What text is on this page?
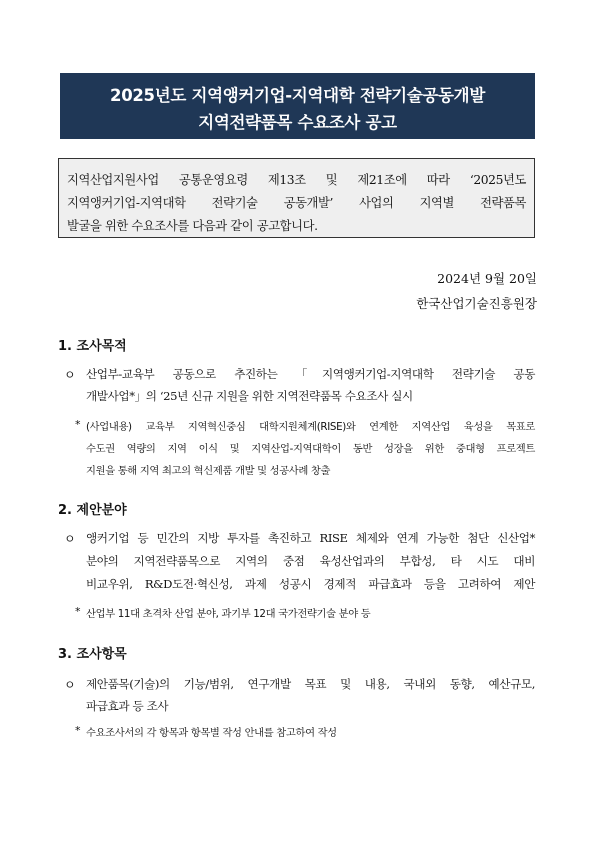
2025년도 지역앵커기업-지역대학 전략기술공동개발
지역전략품목 수요조사 공고
지역산업지원사업 공통운영요령 제13조 및 제21조에 따라 ‘2025년도
지역앵커기업-지역대학 전략기술 공동개발’ 사업의 지역별 전략품목
발굴을 위한 수요조사를 다음과 같이 공고합니다.
2024년 9월 20일
한국산업기술진흥원장
1. 조사목적
ㅇ 산업부-교육부 공동으로 추진하는 「지역앵커기업-지역대학 전략기술 공동
개발사업*」의 ‘25년 신규 지원을 위한 지역전략품목 수요조사 실시
* (사업내용) 교육부 지역혁신중심 대학지원체계(RISE)와 연계한 지역산업 육성을 목표로
수도권 역량의 지역 이식 및 지역산업-지역대학이 동반 성장을 위한 중대형 프로젝트
지원을 통해 지역 최고의 혁신제품 개발 및 성공사례 창출
2. 제안분야
ㅇ 앵커기업 등 민간의 지방 투자를 촉진하고 RISE 체제와 연계 가능한 첨단 신산업*
분야의 지역전략품목으로 지역의 중점 육성산업과의 부합성, 타 시도 대비
비교우위, R&D도전·혁신성, 과제 성공시 경제적 파급효과 등을 고려하여 제안
* 산업부 11대 초격차 산업 분야, 과기부 12대 국가전략기술 분야 등
3. 조사항목
ㅇ 제안품목(기술)의 기능/범위, 연구개발 목표 및 내용, 국내외 동향, 예산규모,
파급효과 등 조사
* 수요조사서의 각 항목과 항목별 작성 안내를 참고하여 작성
